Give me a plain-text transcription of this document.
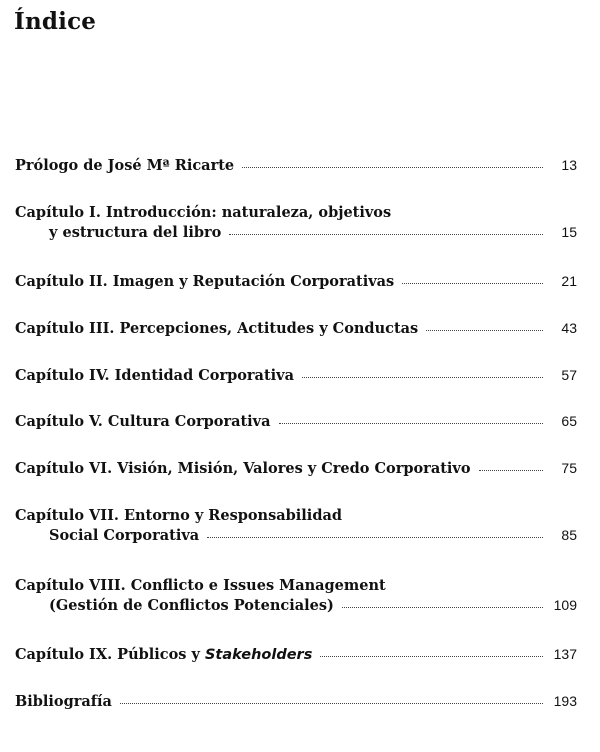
Índice
Prólogo de José Mª Ricarte	13
Capítulo I. Introducción: naturaleza, objetivos
y estructura del libro	15
Capítulo II. Imagen y Reputación Corporativas	21
Capítulo III. Percepciones, Actitudes y Conductas	43
Capítulo IV. Identidad Corporativa	57
Capítulo V. Cultura Corporativa	65
Capítulo VI. Visión, Misión, Valores y Credo Corporativo	75
Capítulo VII. Entorno y Responsabilidad
Social Corporativa	85
Capítulo VIII. Conflicto e Issues Management
(Gestión de Conflictos Potenciales)	109
Capítulo IX. Públicos y Stakeholders	137
Bibliografía	193
